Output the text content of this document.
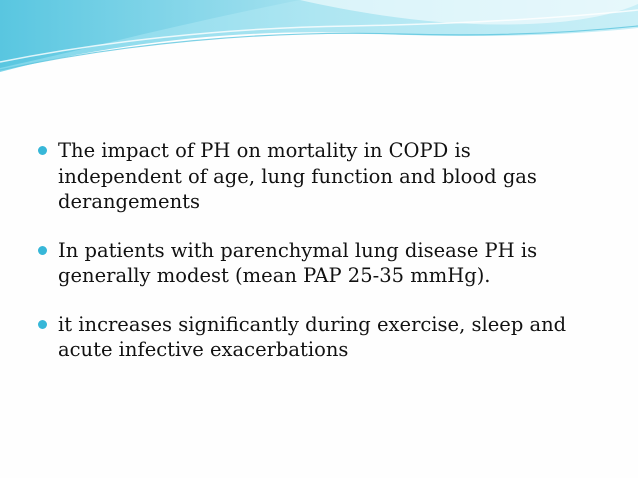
The impact of PH on mortality in COPD is independent of age, lung function and blood gas derangements
In patients with parenchymal lung disease PH is generally modest (mean PAP 25-35 mmHg).
it increases significantly during exercise, sleep and acute infective exacerbations
